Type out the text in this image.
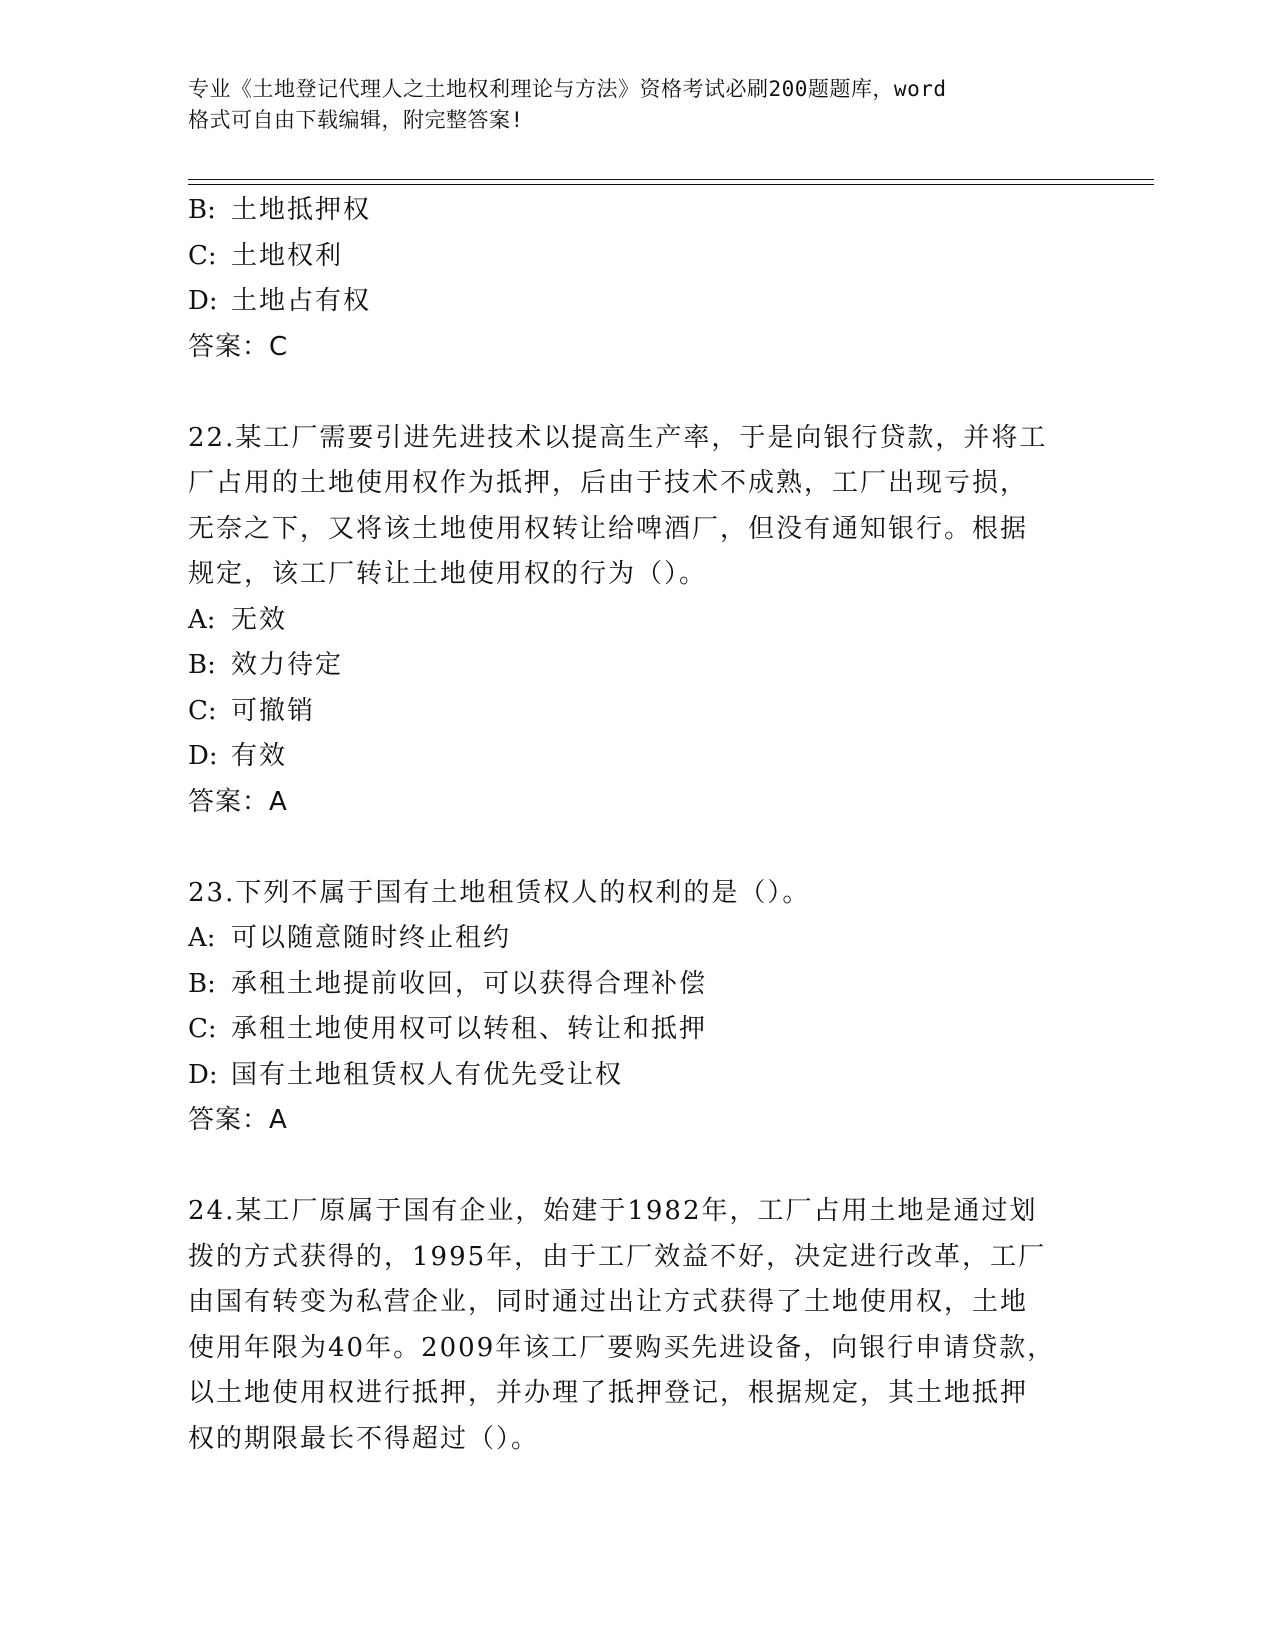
专业《土地登记代理人之土地权利理论与方法》资格考试必刷200题题库，word
格式可自由下载编辑，附完整答案!
B: 土地抵押权
C: 土地权利
D: 土地占有权
答案：C
22.某工厂需要引进先进技术以提高生产率，于是向银行贷款，并将工
厂占用的土地使用权作为抵押，后由于技术不成熟，工厂出现亏损，
无奈之下，又将该土地使用权转让给啤酒厂，但没有通知银行。根据
规定，该工厂转让土地使用权的行为（）。
A: 无效
B: 效力待定
C: 可撤销
D: 有效
答案：A
23.下列不属于国有土地租赁权人的权利的是（）。
A: 可以随意随时终止租约
B: 承租土地提前收回，可以获得合理补偿
C: 承租土地使用权可以转租、转让和抵押
D: 国有土地租赁权人有优先受让权
答案：A
24.某工厂原属于国有企业，始建于1982年，工厂占用土地是通过划
拨的方式获得的，1995年，由于工厂效益不好，决定进行改革，工厂
由国有转变为私营企业，同时通过出让方式获得了土地使用权，土地
使用年限为40年。2009年该工厂要购买先进设备，向银行申请贷款，
以土地使用权进行抵押，并办理了抵押登记，根据规定，其土地抵押
权的期限最长不得超过（）。
